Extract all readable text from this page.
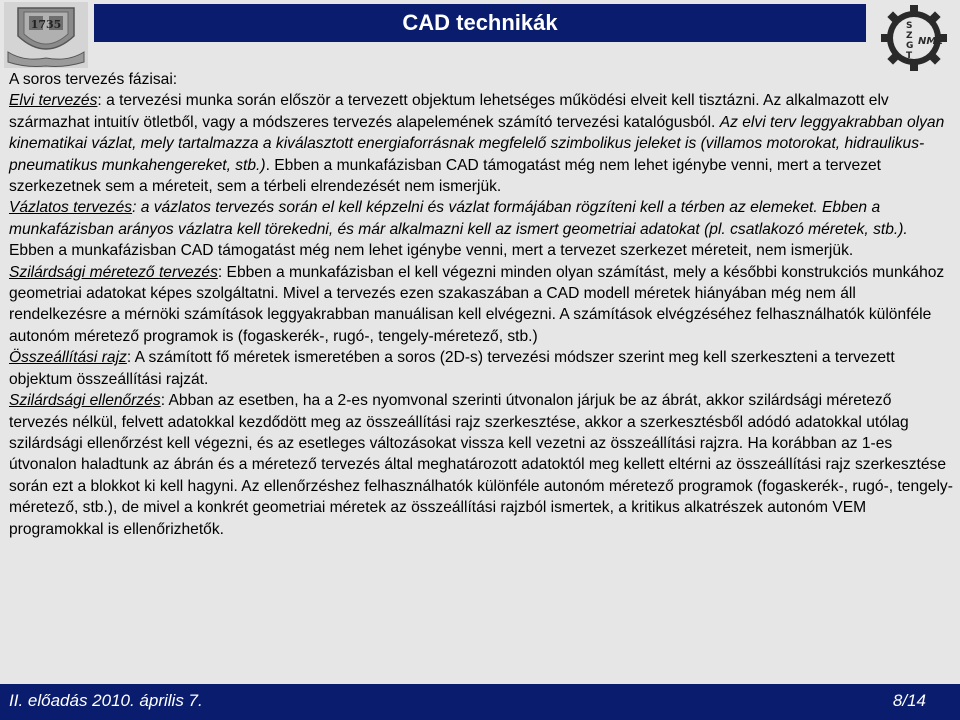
1735	CAD technikák	S
Z
G
T
NME

A soros tervezés fázisai:

Elvi tervezés: a tervezési munka során először a tervezett objektum lehetséges működési elveit kell tisztázni. Az alkalmazott elv származhat intuitív ötletből, vagy a módszeres tervezés alapelemének számító tervezési katalógusból. Az elvi terv leggyakrabban olyan kinematikai vázlat, mely tartalmazza a kiválasztott energiaforrásnak megfelelő szimbolikus jeleket is (villamos motorokat, hidraulikus- pneumatikus munkahengereket, stb.). Ebben a munkafázisban CAD támogatást még nem lehet igénybe venni, mert a tervezet szerkezetnek sem a méreteit, sem a térbeli elrendezését nem ismerjük.

Vázlatos tervezés: a vázlatos tervezés során el kell képzelni és vázlat formájában rögzíteni kell a térben az elemeket. Ebben a munkafázisban arányos vázlatra kell törekedni, és már alkalmazni kell az ismert geometriai adatokat (pl. csatlakozó méretek, stb.). Ebben a munkafázisban CAD támogatást még nem lehet igénybe venni, mert a tervezet szerkezet méreteit, nem ismerjük.

Szilárdsági méretező tervezés: Ebben a munkafázisban el kell végezni minden olyan számítást, mely a későbbi konstrukciós munkához geometriai adatokat képes szolgáltatni. Mivel a tervezés ezen szakaszában a CAD modell méretek hiányában még nem áll rendelkezésre a mérnöki számítások leggyakrabban manuálisan kell elvégezni. A számítások elvégzéséhez felhasználhatók különféle autonóm méretező programok is (fogaskerék-, rugó-, tengely-méretező, stb.)

Összeállítási rajz: A számított fő méretek ismeretében a soros (2D-s) tervezési módszer szerint meg kell szerkeszteni a tervezett objektum összeállítási rajzát.

Szilárdsági ellenőrzés: Abban az esetben, ha a 2-es nyomvonal szerinti útvonalon járjuk be az ábrát, akkor szilárdsági méretező tervezés nélkül, felvett adatokkal kezdődött meg az összeállítási rajz szerkesztése, akkor a szerkesztésből adódó adatokkal utólag szilárdsági ellenőrzést kell végezni, és az esetleges változásokat vissza kell vezetni az összeállítási rajzra. Ha korábban az 1-es útvonalon haladtunk az ábrán és a méretező tervezés által meghatározott adatoktól meg kellett eltérni az összeállítási rajz szerkesztése során ezt a blokkot ki kell hagyni. Az ellenőrzéshez felhasználhatók különféle autonóm méretező programok (fogaskerék-, rugó-, tengely-méretező, stb.), de mivel a konkrét geometriai méretek az összeállítási rajzból ismertek, a kritikus alkatrészek autonóm VEM programokkal is ellenőrizhetők.

II. előadás 2010. április 7.	8/14
